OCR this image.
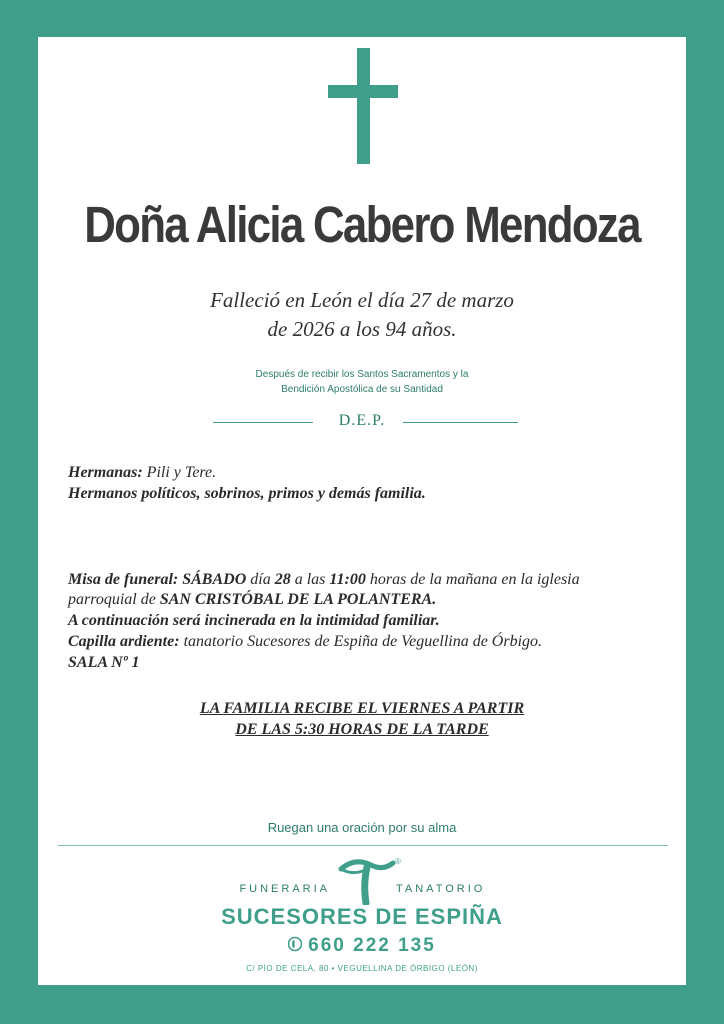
Doña Alicia Cabero Mendoza
Falleció en León el día 27 de marzo
de 2026 a los 94 años.
Después de recibir los Santos Sacramentos y la
Bendición Apostólica de su Santidad
D.E.P.
Hermanas: Pili y Tere.
Hermanos políticos, sobrinos, primos y demás familia.
Misa de funeral: SÁBADO día 28 a las 11:00 horas de la mañana en la iglesia
parroquial de SAN CRISTÓBAL DE LA POLANTERA.
A continuación será incinerada en la intimidad familiar.
Capilla ardiente: tanatorio Sucesores de Espiña de Veguellina de Órbigo.
SALA Nº 1
LA FAMILIA RECIBE EL VIERNES A PARTIR
DE LAS 5:30 HORAS DE LA TARDE
Ruegan una oración por su alma
®
FUNERARIA	TANATORIO
SUCESORES DE ESPIÑA
660 222 135
C/ PÍO DE CELA, 80 • VEGUELLINA DE ÓRBIGO (LEÓN)
